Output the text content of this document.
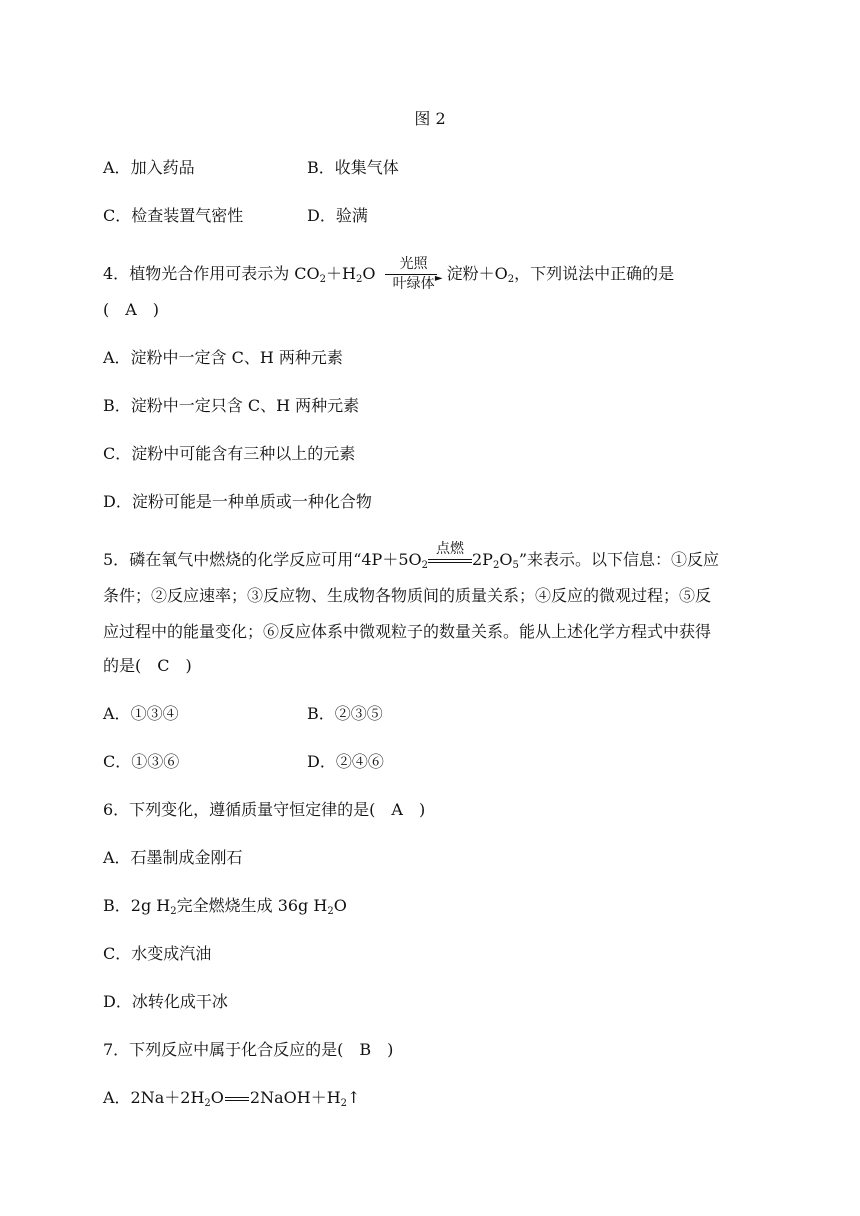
图 2
A．加入药品	B．收集气体
C．检查装置气密性	D．验满
4．植物光合作用可表示为 $CO_2+H_2O$	光照
►
叶绿体
淀粉$+O_2$，下列说法中正确的是
(　A　)
A．淀粉中一定含 C、H 两种元素
B．淀粉中一定只含 C、H 两种元素
C．淀粉中可能含有三种以上的元素
D．淀粉可能是一种单质或一种化合物
5．磷在氧气中燃烧的化学反应可用“$4P+5O_2$
点燃
$2P_2O_5$”来表示。以下信息：①反应
条件；②反应速率；③反应物、生成物各物质间的质量关系；④反应的微观过程；⑤反
应过程中的能量变化；⑥反应体系中微观粒子的数量关系。能从上述化学方程式中获得
的是(　C　)
A．①③④	B．②③⑤
C．①③⑥	D．②④⑥
6．下列变化，遵循质量守恒定律的是(　A　)
A．石墨制成金刚石
B．2g $H_2$完全燃烧生成 36g $H_2O$
C．水变成汽油
D．冰转化成干冰
7．下列反应中属于化合反应的是(　B　)
A．$2Na+2H_2O$ $2NaOH+H_2↑$
